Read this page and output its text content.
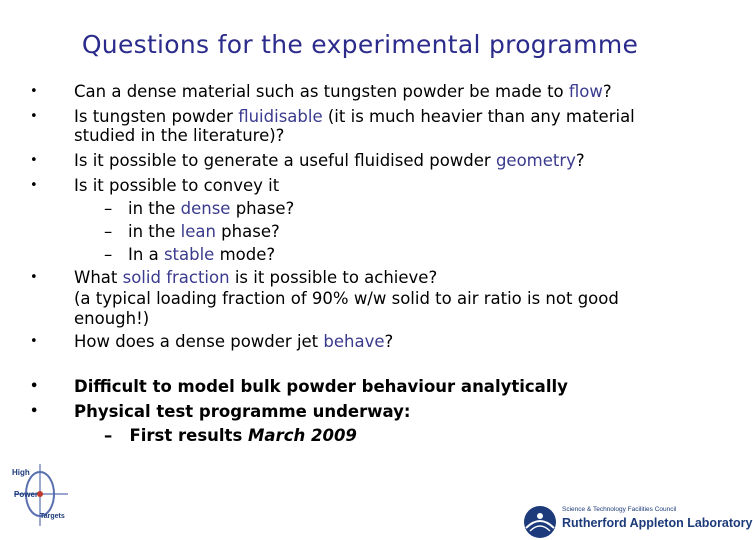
Questions for the experimental programme
•	Can a dense material such as tungsten powder be made to flow?
•	Is tungsten powder fluidisable (it is much heavier than any material
studied in the literature)?
•	Is it possible to generate a useful fluidised powder geometry?
•	Is it possible to convey it
– in the dense phase?
– in the lean phase?
– In a stable mode?
•	What solid fraction is it possible to achieve?
(a typical loading fraction of 90% w/w solid to air ratio is not good
enough!)
•	How does a dense powder jet behave?
•	Difficult to model bulk powder behaviour analytically
•	Physical test programme underway:
– First results March 2009
High
Power
Targets
Science & Technology Facilities Council
Rutherford Appleton Laboratory
